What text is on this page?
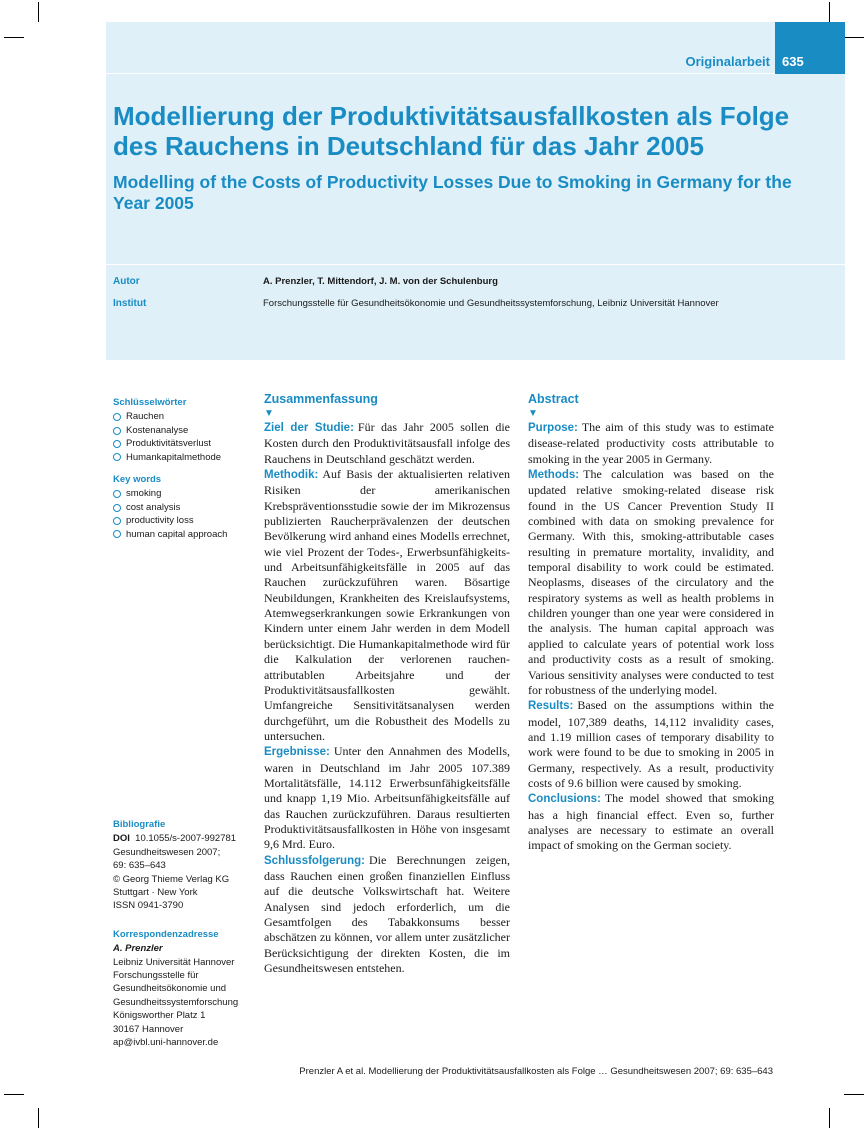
Originalarbeit 635
Modellierung der Produktivitätsausfallkosten als Folge des Rauchens in Deutschland für das Jahr 2005
Modelling of the Costs of Productivity Losses Due to Smoking in Germany for the Year 2005
Autor	A. Prenzler, T. Mittendorf, J. M. von der Schulenburg
Institut	Forschungsstelle für Gesundheitsökonomie und Gesundheitssystemforschung, Leibniz Universität Hannover
Schlüsselwörter
Rauchen
Kostenanalyse
Produktivitätsverlust
Humankapitalmethode
Key words
smoking
cost analysis
productivity loss
human capital approach
Bibliografie
DOI 10.1055/s-2007-992781
Gesundheitswesen 2007;
69: 635–643
© Georg Thieme Verlag KG
Stuttgart · New York
ISSN 0941-3790
Korrespondenzadresse
A. Prenzler
Leibniz Universität Hannover
Forschungsstelle für
Gesundheitsökonomie und
Gesundheitssystemforschung
Königsworther Platz 1
30167 Hannover
ap@ivbl.uni-hannover.de
Zusammenfassung
▼

Ziel der Studie: Für das Jahr 2005 sollen die Kosten durch den Produktivitätsausfall infolge des Rauchens in Deutschland geschätzt werden.

Methodik: Auf Basis der aktualisierten relativen Risiken der amerikanischen Krebspräventionsstudie sowie der im Mikrozensus publizierten Raucherprävalenzen der deutschen Bevölkerung wird anhand eines Modells errechnet, wie viel Prozent der Todes-, Erwerbsunfähigkeits- und Arbeitsunfähigkeitsfälle in 2005 auf das Rauchen zurückzuführen waren. Bösartige Neubildungen, Krankheiten des Kreislaufsystems, Atemwegserkrankungen sowie Erkrankungen von Kindern unter einem Jahr werden in dem Modell berücksichtigt. Die Humankapitalmethode wird für die Kalkulation der verlorenen rauchen-attributablen Arbeitsjahre und der Produktivitätsausfallkosten gewählt. Umfangreiche Sensitivitätsanalysen werden durchgeführt, um die Robustheit des Modells zu untersuchen.

Ergebnisse: Unter den Annahmen des Modells, waren in Deutschland im Jahr 2005 107.389 Mortalitätsfälle, 14.112 Erwerbsunfähigkeitsfälle und knapp 1,19 Mio. Arbeitsunfähigkeitsfälle auf das Rauchen zurückzuführen. Daraus resultierten Produktivitätsausfallkosten in Höhe von insgesamt 9,6 Mrd. Euro.

Schlussfolgerung: Die Berechnungen zeigen, dass Rauchen einen großen finanziellen Einfluss auf die deutsche Volkswirtschaft hat. Weitere Analysen sind jedoch erforderlich, um die Gesamtfolgen des Tabakkonsums besser abschätzen zu können, vor allem unter zusätzlicher Berücksichtigung der direkten Kosten, die im Gesundheitswesen entstehen.

Abstract
▼

Purpose: The aim of this study was to estimate disease-related productivity costs attributable to smoking in the year 2005 in Germany.

Methods: The calculation was based on the updated relative smoking-related disease risk found in the US Cancer Prevention Study II combined with data on smoking prevalence for Germany. With this, smoking-attributable cases resulting in premature mortality, invalidity, and temporal disability to work could be estimated. Neoplasms, diseases of the circulatory and the respiratory systems as well as health problems in children younger than one year were considered in the analysis. The human capital approach was applied to calculate years of potential work loss and productivity costs as a result of smoking. Various sensitivity analyses were conducted to test for robustness of the underlying model.

Results: Based on the assumptions within the model, 107,389 deaths, 14,112 invalidity cases, and 1.19 million cases of temporary disability to work were found to be due to smoking in 2005 in Germany, respectively. As a result, productivity costs of 9.6 billion were caused by smoking.

Conclusions: The model showed that smoking has a high financial effect. Even so, further analyses are necessary to estimate an overall impact of smoking on the German society.

Prenzler A et al. Modellierung der Produktivitätsausfallkosten als Folge … Gesundheitswesen 2007; 69: 635–643
